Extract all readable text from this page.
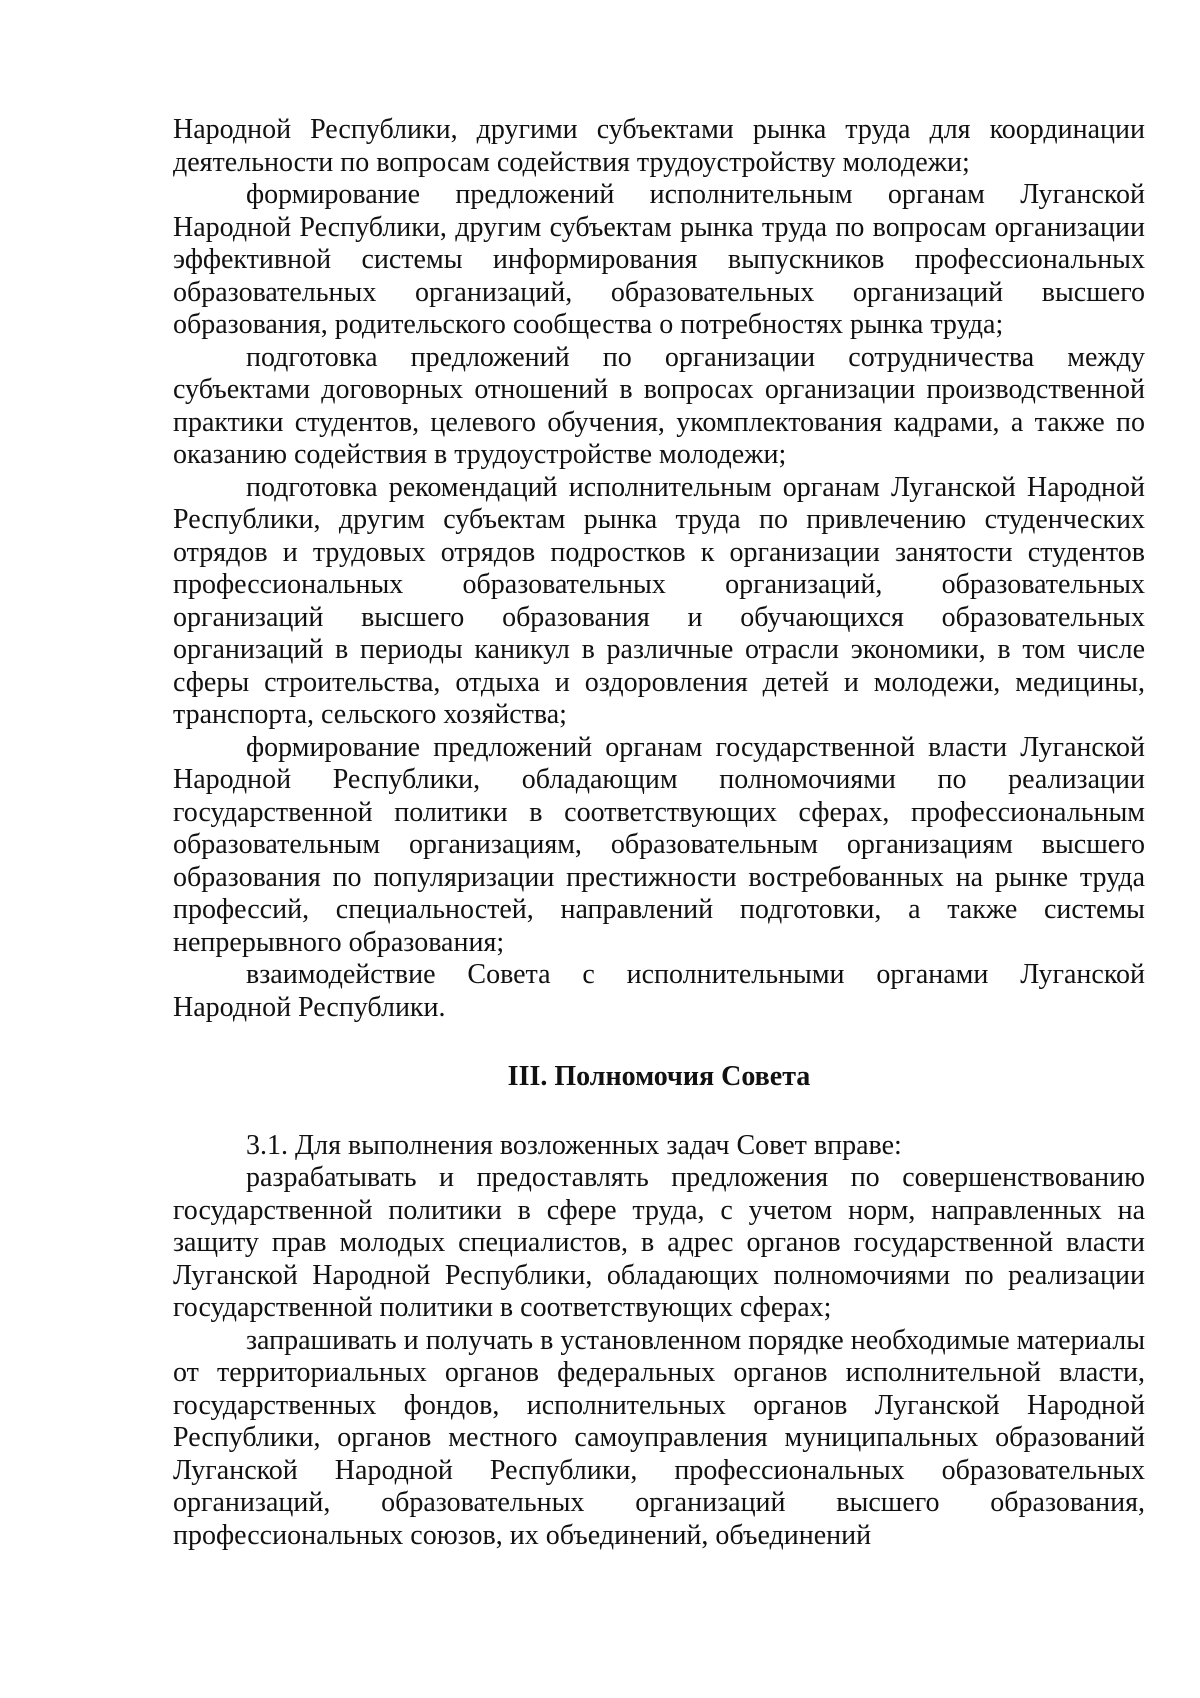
Народной Республики, другими субъектами рынка труда для координации деятельности по вопросам содействия трудоустройству молодежи;

формирование предложений исполнительным органам Луганской Народной Республики, другим субъектам рынка труда по вопросам организации эффективной системы информирования выпускников профессиональных образовательных организаций, образовательных организаций высшего образования, родительского сообщества о потребностях рынка труда;

подготовка предложений по организации сотрудничества между субъектами договорных отношений в вопросах организации производственной практики студентов, целевого обучения, укомплектования кадрами, а также по оказанию содействия в трудоустройстве молодежи;

подготовка рекомендаций исполнительным органам Луганской Народной Республики, другим субъектам рынка труда по привлечению студенческих отрядов и трудовых отрядов подростков к организации занятости студентов профессиональных образовательных организаций, образовательных организаций высшего образования и обучающихся образовательных организаций в периоды каникул в различные отрасли экономики, в том числе сферы строительства, отдыха и оздоровления детей и молодежи, медицины, транспорта, сельского хозяйства;

формирование предложений органам государственной власти Луганской Народной Республики, обладающим полномочиями по реализации государственной политики в соответствующих сферах, профессиональным образовательным организациям, образовательным организациям высшего образования по популяризации престижности востребованных на рынке труда профессий, специальностей, направлений подготовки, а также системы непрерывного образования;

взаимодействие Совета с исполнительными органами Луганской Народной Республики.

III. Полномочия Совета

3.1. Для выполнения возложенных задач Совет вправе:

разрабатывать и предоставлять предложения по совершенствованию государственной политики в сфере труда, с учетом норм, направленных на защиту прав молодых специалистов, в адрес органов государственной власти Луганской Народной Республики, обладающих полномочиями по реализации государственной политики в соответствующих сферах;

запрашивать и получать в установленном порядке необходимые материалы от территориальных органов федеральных органов исполнительной власти, государственных фондов, исполнительных органов Луганской Народной Республики, органов местного самоуправления муниципальных образований Луганской Народной Республики, профессиональных образовательных организаций, образовательных организаций высшего образования, профессиональных союзов, их объединений, объединений
